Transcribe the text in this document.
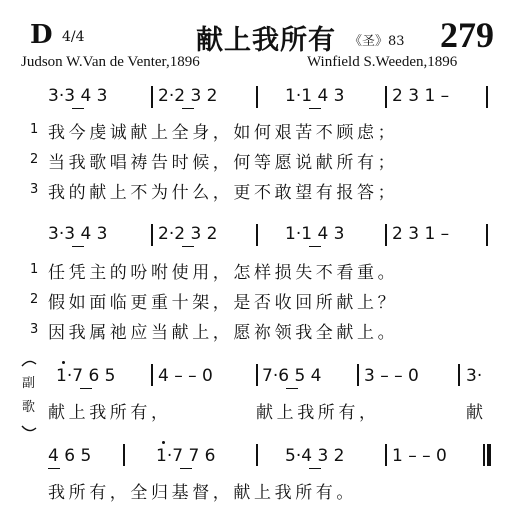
D 4/4	献上我所有 《圣》83 279
Judson W.Van de Venter,1896	Winfield S.Weeden,1896
3·3 4 3	2·2 3 2	1·1 4 3	2 3 1 –
1 我今虔诚献上全身，如何艰苦不顾虑；
2 当我歌唱祷告时候，何等愿说献所有；
3 我的献上不为什么，更不敢望有报答；
3·3 4 3	2·2 3 2	1·1 4 3	2 3 1 –
1 任凭主的吩咐使用，怎样损失不看重。
2 假如面临更重十架，是否收回所献上？
3 因我属祂应当献上，愿祢领我全献上。
副歌
1·7 6 5	4 – – 0	7·6 5 4	3 – – 0	3·
献上我所有，	献上我所有，	献
4 6 5	1·7 7 6	5·4 3 2	1 – – 0
我所有，全归基督，献上我所有。
